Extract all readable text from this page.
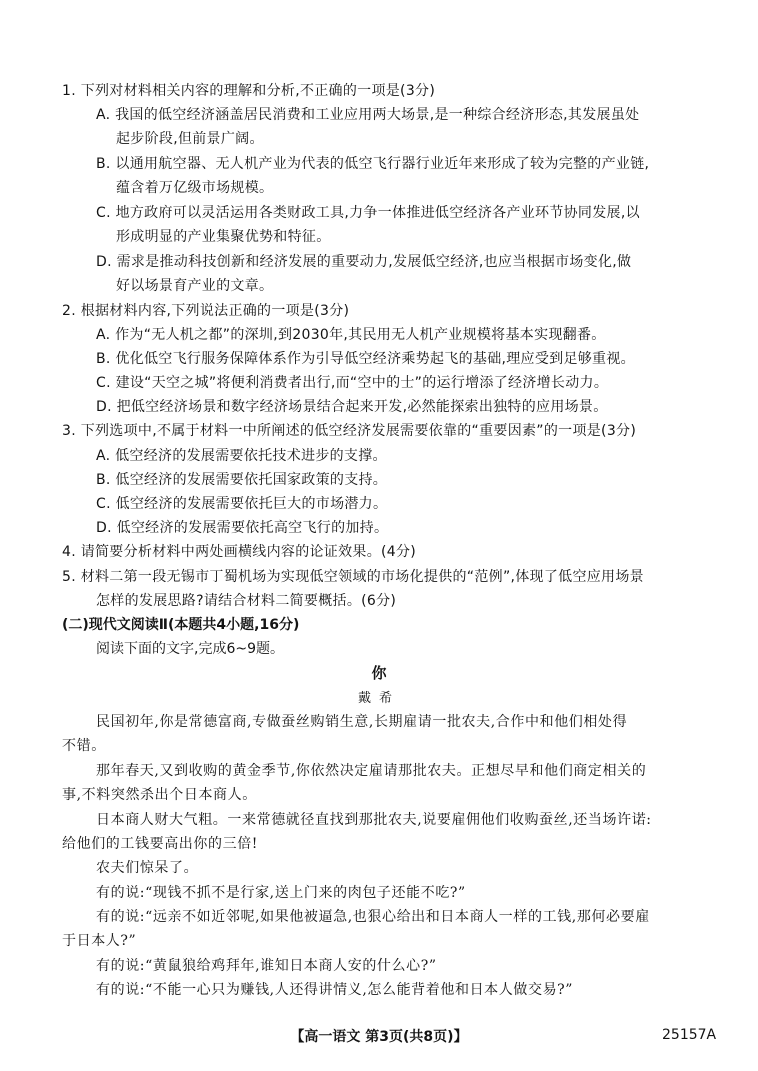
1. 下列对材料相关内容的理解和分析,不正确的一项是(3分)
A. 我国的低空经济涵盖居民消费和工业应用两大场景,是一种综合经济形态,其发展虽处
起步阶段,但前景广阔。
B. 以通用航空器、无人机产业为代表的低空飞行器行业近年来形成了较为完整的产业链,
蕴含着万亿级市场规模。
C. 地方政府可以灵活运用各类财政工具,力争一体推进低空经济各产业环节协同发展,以
形成明显的产业集聚优势和特征。
D. 需求是推动科技创新和经济发展的重要动力,发展低空经济,也应当根据市场变化,做
好以场景育产业的文章。
2. 根据材料内容,下列说法正确的一项是(3分)
A. 作为“无人机之都”的深圳,到2030年,其民用无人机产业规模将基本实现翻番。
B. 优化低空飞行服务保障体系作为引导低空经济乘势起飞的基础,理应受到足够重视。
C. 建设“天空之城”将便利消费者出行,而“空中的士”的运行增添了经济增长动力。
D. 把低空经济场景和数字经济场景结合起来开发,必然能探索出独特的应用场景。
3. 下列选项中,不属于材料一中所阐述的低空经济发展需要依靠的“重要因素”的一项是(3分)
A. 低空经济的发展需要依托技术进步的支撑。
B. 低空经济的发展需要依托国家政策的支持。
C. 低空经济的发展需要依托巨大的市场潜力。
D. 低空经济的发展需要依托高空飞行的加持。
4. 请简要分析材料中两处画横线内容的论证效果。(4分)
5. 材料二第一段无锡市丁蜀机场为实现低空领域的市场化提供的“范例”,体现了低空应用场景
怎样的发展思路?请结合材料二简要概括。(6分)
(二)现代文阅读Ⅱ(本题共4小题,16分)
阅读下面的文字,完成6~9题。
你
戴希
民国初年,你是常德富商,专做蚕丝购销生意,长期雇请一批农夫,合作中和他们相处得
不错。
那年春天,又到收购的黄金季节,你依然决定雇请那批农夫。正想尽早和他们商定相关的
事,不料突然杀出个日本商人。
日本商人财大气粗。一来常德就径直找到那批农夫,说要雇佣他们收购蚕丝,还当场许诺:
给他们的工钱要高出你的三倍!
农夫们惊呆了。
有的说:“现钱不抓不是行家,送上门来的肉包子还能不吃?”
有的说:“远亲不如近邻呢,如果他被逼急,也狠心给出和日本商人一样的工钱,那何必要雇
于日本人?”
有的说:“黄鼠狼给鸡拜年,谁知日本商人安的什么心?”
有的说:“不能一心只为赚钱,人还得讲情义,怎么能背着他和日本人做交易?”
【高一语文 第3页(共8页)】	25157A
